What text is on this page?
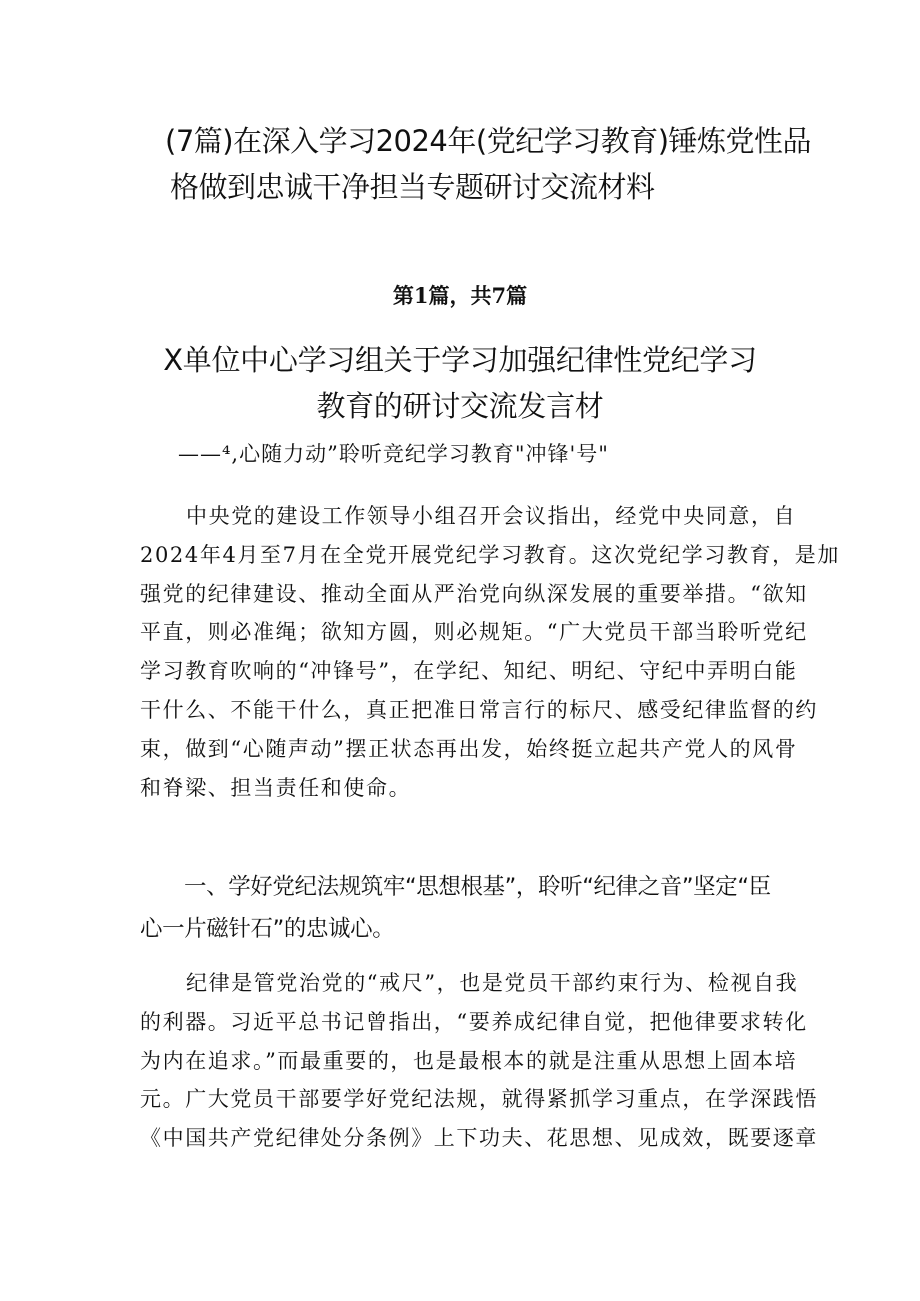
(7篇)在深入学习2024年(党纪学习教育)锤炼党性品
格做到忠诚干净担当专题研讨交流材料
第1篇，共7篇
X单位中心学习组关于学习加强纪律性党纪学习
教育的研讨交流发言材
——⁴,心随力动”聆听竞纪学习教育"冲锋'号"

中央党的建设工作领导小组召开会议指出，经党中央同意，自
2024年4月至7月在全党开展党纪学习教育。这次党纪学习教育，是加
强党的纪律建设、推动全面从严治党向纵深发展的重要举措。“欲知
平直，则必准绳；欲知方圆，则必规矩。“广大党员干部当聆听党纪
学习教育吹响的“冲锋号”，在学纪、知纪、明纪、守纪中弄明白能
干什么、不能干什么，真正把准日常言行的标尺、感受纪律监督的约
束，做到“心随声动”摆正状态再出发，始终挺立起共产党人的风骨
和脊梁、担当责任和使命。

一、学好党纪法规筑牢“思想根基”，聆听“纪律之音”坚定“臣
心一片磁针石”的忠诚心。

纪律是管党治党的“戒尺”，也是党员干部约束行为、检视自我
的利器。习近平总书记曾指出，“要养成纪律自觉，把他律要求转化
为内在追求。”而最重要的，也是最根本的就是注重从思想上固本培
元。广大党员干部要学好党纪法规，就得紧抓学习重点，在学深践悟
《中国共产党纪律处分条例》上下功夫、花思想、见成效，既要逐章
